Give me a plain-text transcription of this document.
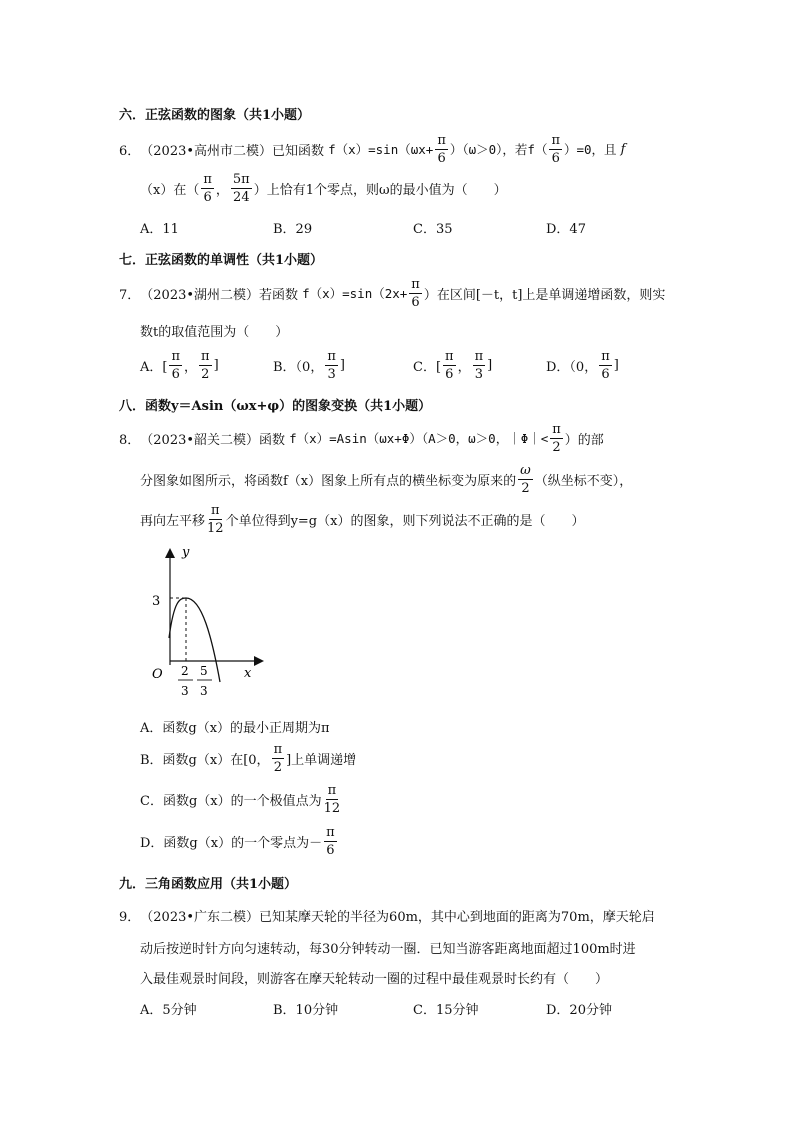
六．正弦函数的图象（共1小题）
6． （2023•高州市二模） 已知函数 f（x）=sin（ω $x+ \frac{\pi}{6} )(\omega>0)$，若 $f( \frac{\pi}{6} )=0$，且 f
（x）在（ $\frac{\pi}{6}$ ， $\frac{5\pi}{24}$ ）上恰有1个零点，则ω的最小值为（　　）
A．11	B．29	C．35	D．47
七．正弦函数的单调性（共1小题）
7． （2023•湖州二模） 若函数 $f(x)=\sin(2x+ \frac{\pi}{6}$ ）在区间[－t，t]上是单调递增函数，则实
数t的取值范围为（　　）
A．[ $\frac{\pi}{6}$ ， $\frac{\pi}{2}$ ]	B．（0， $\frac{\pi}{3}$ ]	C．[ $\frac{\pi}{6}$ ， $\frac{\pi}{3}$ ]	D．（0， $\frac{\pi}{6}$ ]
八．函数y＝Asin（ωx+φ）的图象变换（共1小题）
8． （2023•韶关二模） 函数 f（x）=Asin（ωx+Φ）（A＞0，ω＞0，｜Φ｜< $\frac{\pi}{2}$ ）的部
分图象如图所示，将函数f（x）图象上所有点的横坐标变为原来的 $\frac{\omega}{2}$ （纵坐标不变），
再向左平移 $\frac{\pi}{12}$ 个单位得到y=g（x）的图象，则下列说法不正确的是（　　）
y
x
O
3
2
3
5
3
A．函数g（x）的最小正周期为π
B．函数g（x）在[0， $\frac{\pi}{2}$ ]上单调递增
C．函数g（x）的一个极值点为 $\frac{\pi}{12}$
D．函数g（x）的一个零点为－ $\frac{\pi}{6}$
九．三角函数应用（共1小题）
9． （2023•广东二模） 已知某摩天轮的半径为60m，其中心到地面的距离为70m，摩天轮启
动后按逆时针方向匀速转动，每30分钟转动一圈．已知当游客距离地面超过100m时进
入最佳观景时间段，则游客在摩天轮转动一圈的过程中最佳观景时长约有（　　）
A．5分钟	B．10分钟	C．15分钟	D．20分钟
